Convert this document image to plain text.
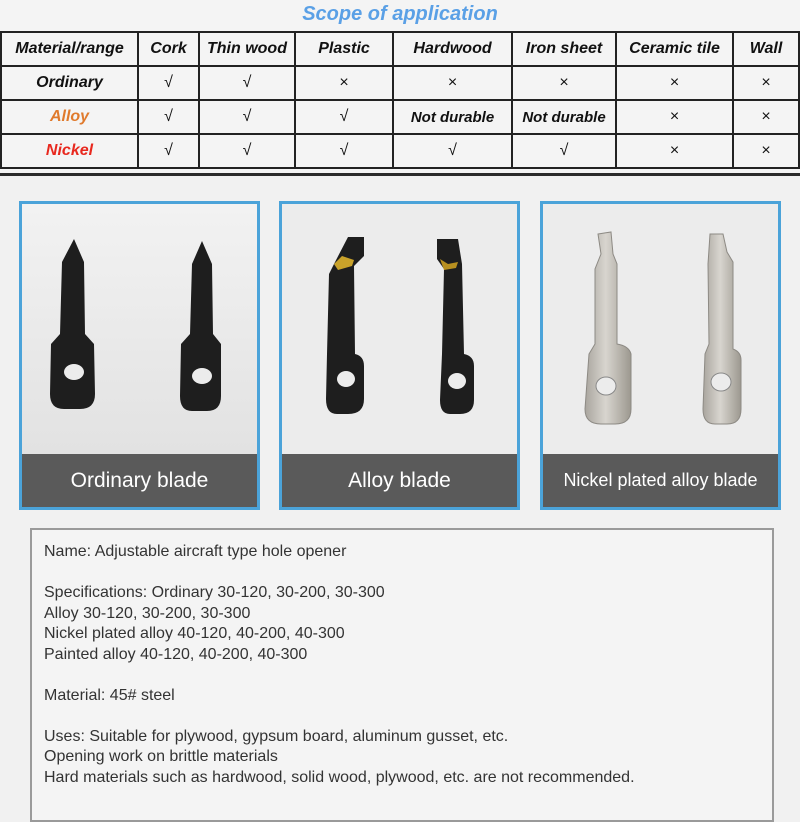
Scope of application
Material/range	Cork	Thin wood	Plastic	Hardwood	Iron sheet	Ceramic tile	Wall
Ordinary	√	√	×	×	×	×	×
Alloy	√	√	√	Not durable	Not durable	×	×
Nickel	√	√	√	√	√	×	×
Ordinary blade	Alloy blade	Nickel plated alloy blade
Name: Adjustable aircraft type hole opener
Specifications: Ordinary 30-120, 30-200, 30-300
Alloy 30-120, 30-200, 30-300
Nickel plated alloy 40-120, 40-200, 40-300
Painted alloy 40-120, 40-200, 40-300
Material: 45# steel
Uses: Suitable for plywood, gypsum board, aluminum gusset, etc.
Opening work on brittle materials
Hard materials such as hardwood, solid wood, plywood, etc. are not recommended.
